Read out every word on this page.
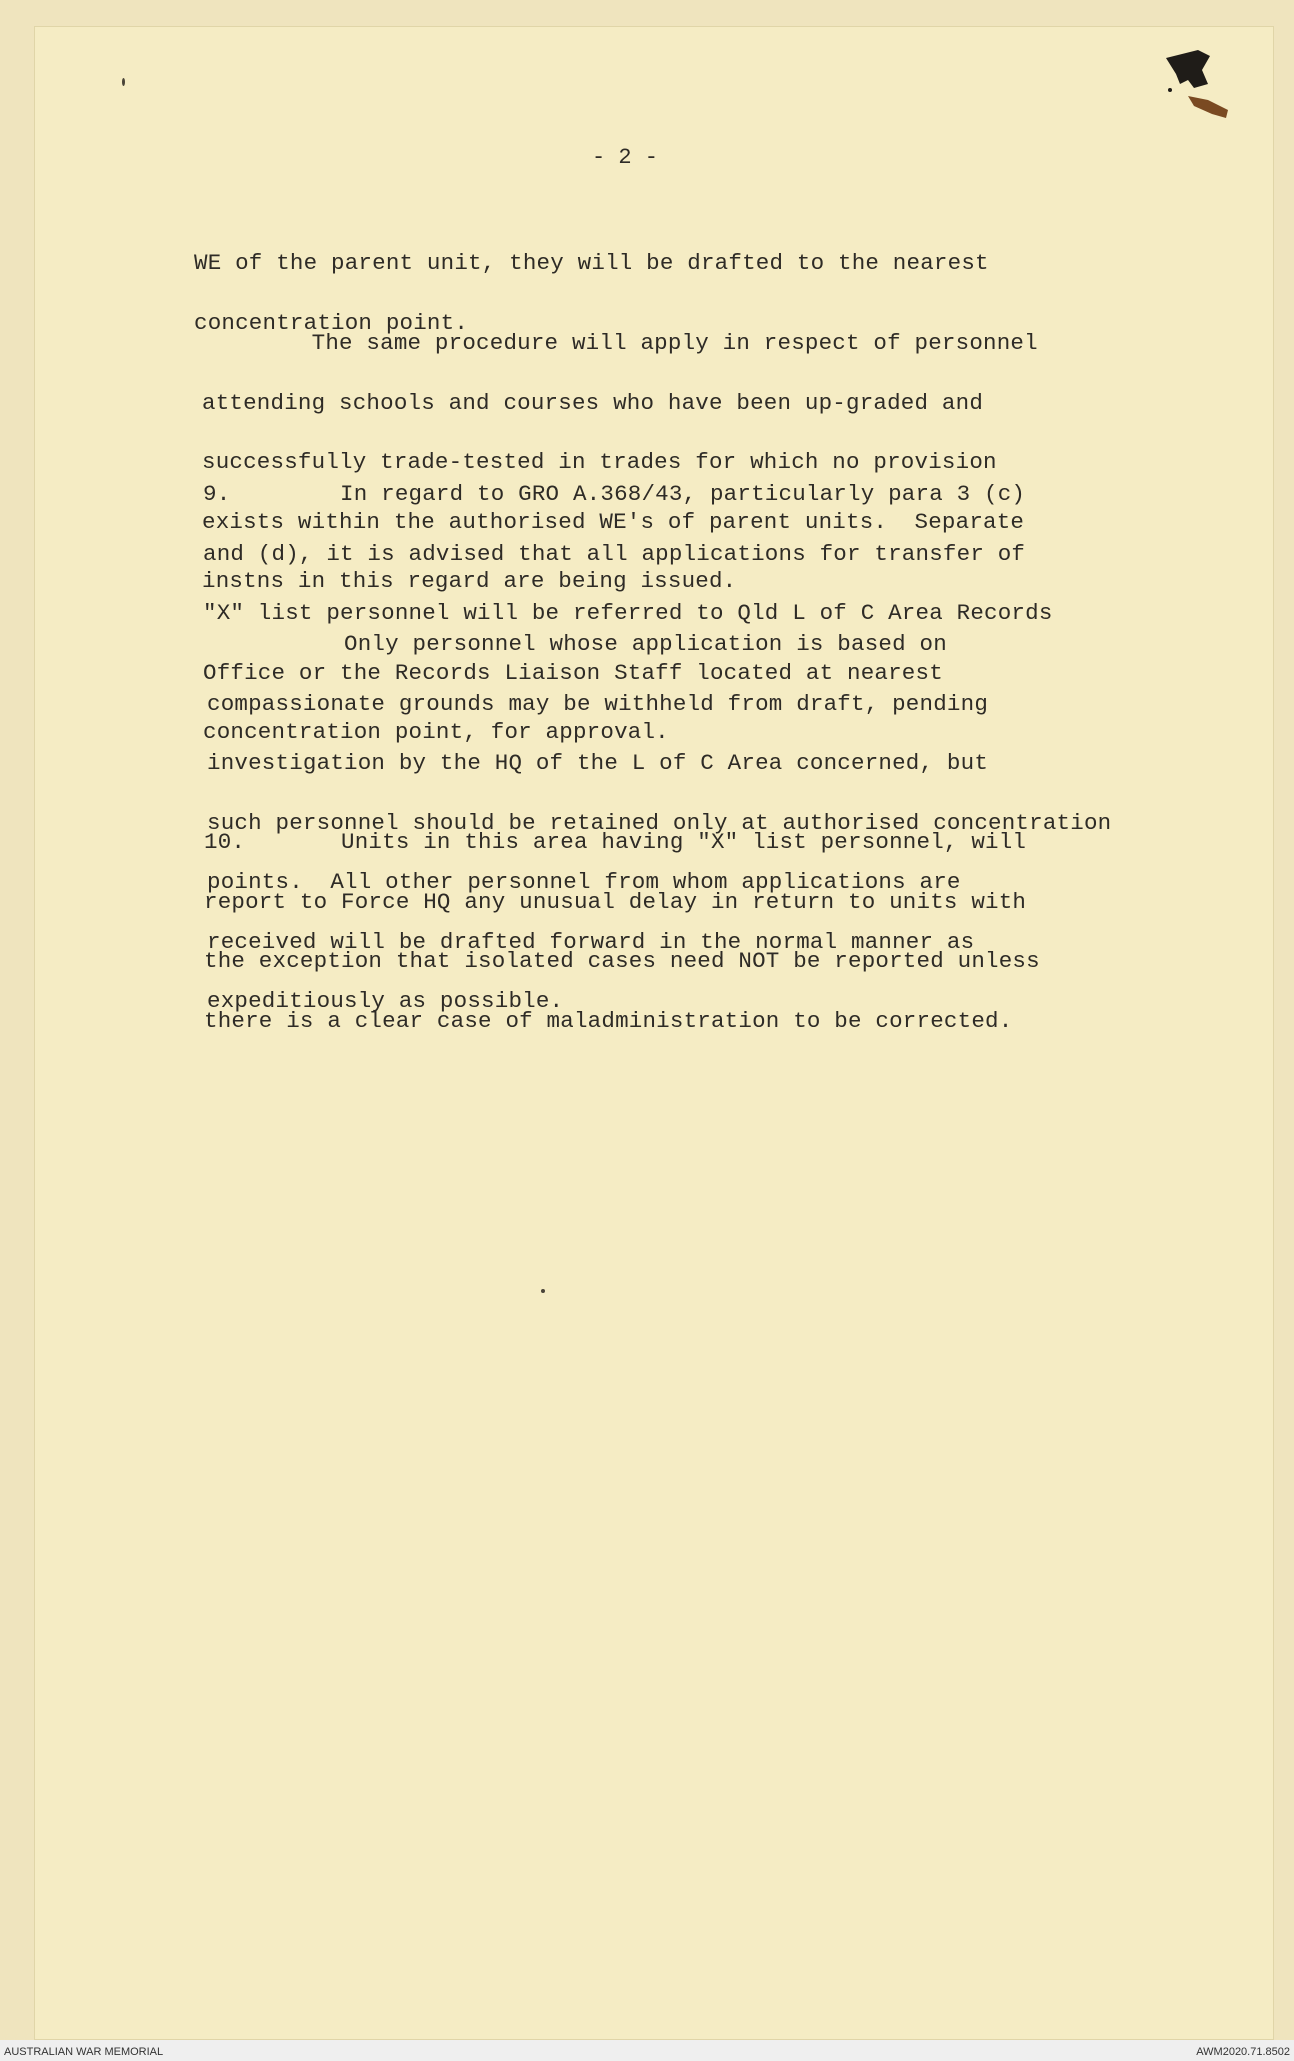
- 2 -

WE of the parent unit, they will be drafted to the nearest

concentration point.

The same procedure will apply in respect of personnel

attending schools and courses who have been up-graded and

successfully trade-tested in trades for which no provision

exists within the authorised WE's of parent units.  Separate

instns in this regard are being issued.

9.        In regard to GRO A.368/43, particularly para 3 (c)

and (d), it is advised that all applications for transfer of

"X" list personnel will be referred to Qld L of C Area Records

Office or the Records Liaison Staff located at nearest

concentration point, for approval.

Only personnel whose application is based on

compassionate grounds may be withheld from draft, pending

investigation by the HQ of the L of C Area concerned, but

such personnel should be retained only at authorised concentration

points.  All other personnel from whom applications are

received will be drafted forward in the normal manner as

expeditiously as possible.

10.       Units in this area having "X" list personnel, will

report to Force HQ any unusual delay in return to units with

the exception that isolated cases need NOT be reported unless

there is a clear case of maladministration to be corrected.

AUSTRALIAN WAR MEMORIAL	AWM2020.71.8502
